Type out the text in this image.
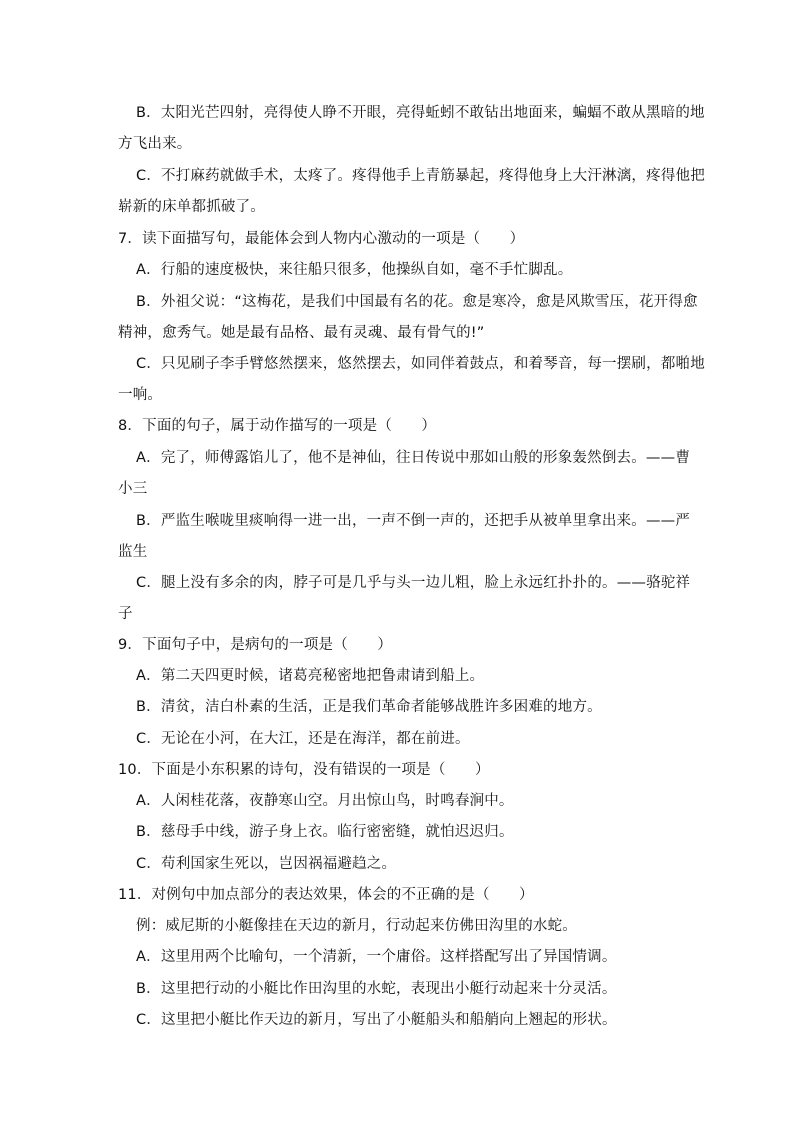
B．太阳光芒四射，亮得使人睁不开眼，亮得蚯蚓不敢钻出地面来，蝙蝠不敢从黑暗的地
方飞出来。
C．不打麻药就做手术，太疼了。疼得他手上青筋暴起，疼得他身上大汗淋漓，疼得他把
崭新的床单都抓破了。
7．读下面描写句，最能体会到人物内心激动的一项是（　　）
A．行船的速度极快，来往船只很多，他操纵自如，毫不手忙脚乱。
B．外祖父说：“这梅花，是我们中国最有名的花。愈是寒冷，愈是风欺雪压，花开得愈
精神，愈秀气。她是最有品格、最有灵魂、最有骨气的!”
C．只见刷子李手臂悠然摆来，悠然摆去，如同伴着鼓点，和着琴音，每一摆刷，都啪地
一响。
8．下面的句子，属于动作描写的一项是（　　）
A．完了，师傅露馅儿了，他不是神仙，往日传说中那如山般的形象轰然倒去。——曹
小三
B．严监生喉咙里痰响得一进一出，一声不倒一声的，还把手从被单里拿出来。——严
监生
C．腿上没有多余的肉，脖子可是几乎与头一边儿粗，脸上永远红扑扑的。——骆驼祥
子
9．下面句子中，是病句的一项是（　　）
A．第二天四更时候，诸葛亮秘密地把鲁肃请到船上。
B．清贫，洁白朴素的生活，正是我们革命者能够战胜许多困难的地方。
C．无论在小河，在大江，还是在海洋，都在前进。
10．下面是小东积累的诗句，没有错误的一项是（　　）
A．人闲桂花落，夜静寒山空。月出惊山鸟，时鸣春涧中。
B．慈母手中线，游子身上衣。临行密密缝，就怕迟迟归。
C．苟利国家生死以，岂因祸福避趋之。
11．对例句中加点部分的表达效果，体会的不正确的是（　　）
例：威尼斯的小艇像挂在天边的新月，行动起来仿佛田沟里的水蛇。
A．这里用两个比喻句，一个清新，一个庸俗。这样搭配写出了异国情调。
B．这里把行动的小艇比作田沟里的水蛇，表现出小艇行动起来十分灵活。
C．这里把小艇比作天边的新月，写出了小艇船头和船艄向上翘起的形状。
